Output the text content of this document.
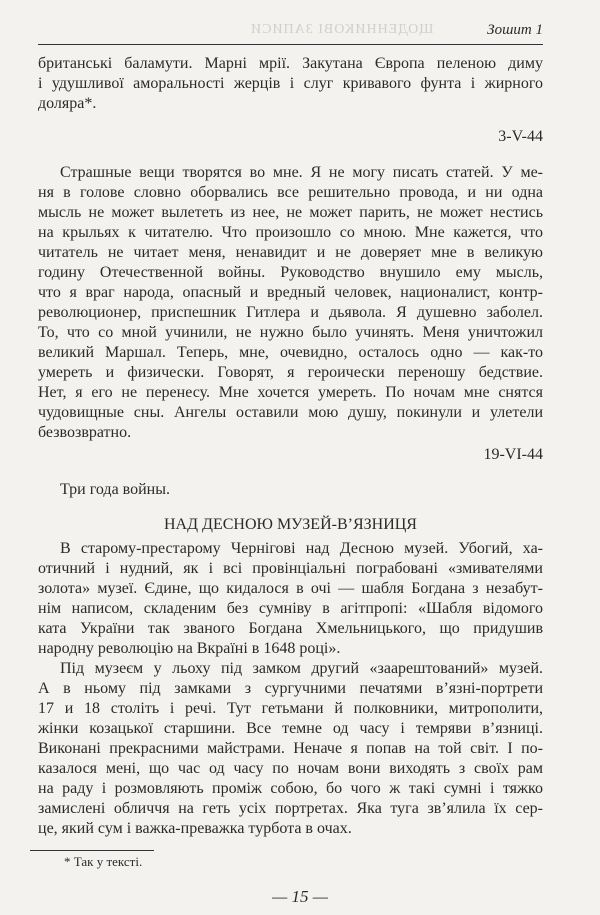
Зошит 1
ЩОДЕННИКОВІ ЗАПИСИ
британські баламути. Марні мрії. Закутана Європа пеленою диму
і удушливої аморальності жерців і слуг кривавого фунта і жирного
доляра*.
3-V-44
Страшные вещи творятся во мне. Я не могу писать статей. У ме-
ня в голове словно оборвались все решительно провода, и ни одна
мысль не может вылететь из нее, не может парить, не может нестись
на крыльях к читателю. Что произошло со мною. Мне кажется, что
читатель не читает меня, ненавидит и не доверяет мне в великую
годину Отечественной войны. Руководство внушило ему мысль,
что я враг народа, опасный и вредный человек, националист, контр-
революционер, приспешник Гитлера и дьявола. Я душевно заболел.
То, что со мной учинили, не нужно было учинять. Меня уничтожил
великий Маршал. Теперь, мне, очевидно, осталось одно — как-то
умереть и физически. Говорят, я героически переношу бедствие.
Нет, я его не перенесу. Мне хочется умереть. По ночам мне снятся
чудовищные сны. Ангелы оставили мою душу, покинули и улетели
безвозвратно.
19-VI-44
Три года войны.
НАД ДЕСНОЮ МУЗЕЙ-В’ЯЗНИЦЯ
В старому-престарому Чернігові над Десною музей. Убогий, ха-
отичний і нудний, як і всі провінціальні пограбовані «змивателями
золота» музеї. Єдине, що кидалося в очі — шабля Богдана з незабут-
нім написом, складеним без сумніву в агітпропі: «Шабля відомого
ката України так званого Богдана Хмельницького, що придушив
народну революцію на Вкраїні в 1648 році».
Під музеєм у льоху під замком другий «заарештований» музей.
А в ньому під замками з сургучними печатями в’язні-портрети
17 и 18 століть і речі. Тут гетьмани й полковники, митрополити,
жінки козацької старшини. Все темне од часу і темряви в’язниці.
Виконані прекрасними майстрами. Неначе я попав на той світ. І по-
казалося мені, що час од часу по ночам вони виходять з своїх рам
на раду і розмовляють проміж собою, бо чого ж такі сумні і тяжко
замислені обличчя на геть усіх портретах. Яка туга зв’ялила їх сер-
це, який сум і важка-преважка турбота в очах.
* Так у тексті.
— 15 —
